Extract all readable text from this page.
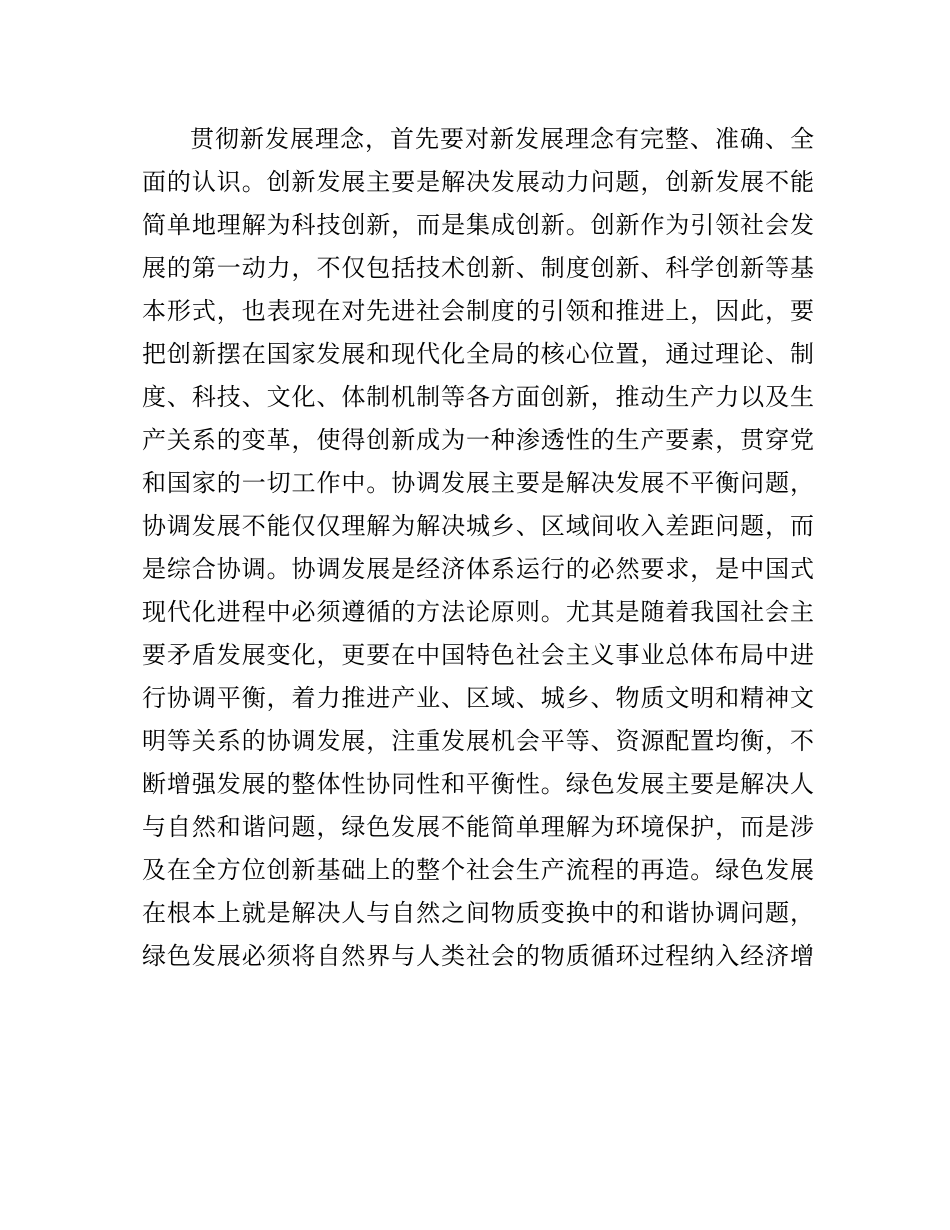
贯彻新发展理念，首先要对新发展理念有完整、准确、全
面的认识。创新发展主要是解决发展动力问题，创新发展不能
简单地理解为科技创新，而是集成创新。创新作为引领社会发
展的第一动力，不仅包括技术创新、制度创新、科学创新等基
本形式，也表现在对先进社会制度的引领和推进上，因此，要
把创新摆在国家发展和现代化全局的核心位置，通过理论、制
度、科技、文化、体制机制等各方面创新，推动生产力以及生
产关系的变革，使得创新成为一种渗透性的生产要素，贯穿党
和国家的一切工作中。协调发展主要是解决发展不平衡问题，
协调发展不能仅仅理解为解决城乡、区域间收入差距问题，而
是综合协调。协调发展是经济体系运行的必然要求，是中国式
现代化进程中必须遵循的方法论原则。尤其是随着我国社会主
要矛盾发展变化，更要在中国特色社会主义事业总体布局中进
行协调平衡，着力推进产业、区域、城乡、物质文明和精神文
明等关系的协调发展，注重发展机会平等、资源配置均衡，不
断增强发展的整体性协同性和平衡性。绿色发展主要是解决人
与自然和谐问题，绿色发展不能简单理解为环境保护，而是涉
及在全方位创新基础上的整个社会生产流程的再造。绿色发展
在根本上就是解决人与自然之间物质变换中的和谐协调问题，
绿色发展必须将自然界与人类社会的物质循环过程纳入经济增
